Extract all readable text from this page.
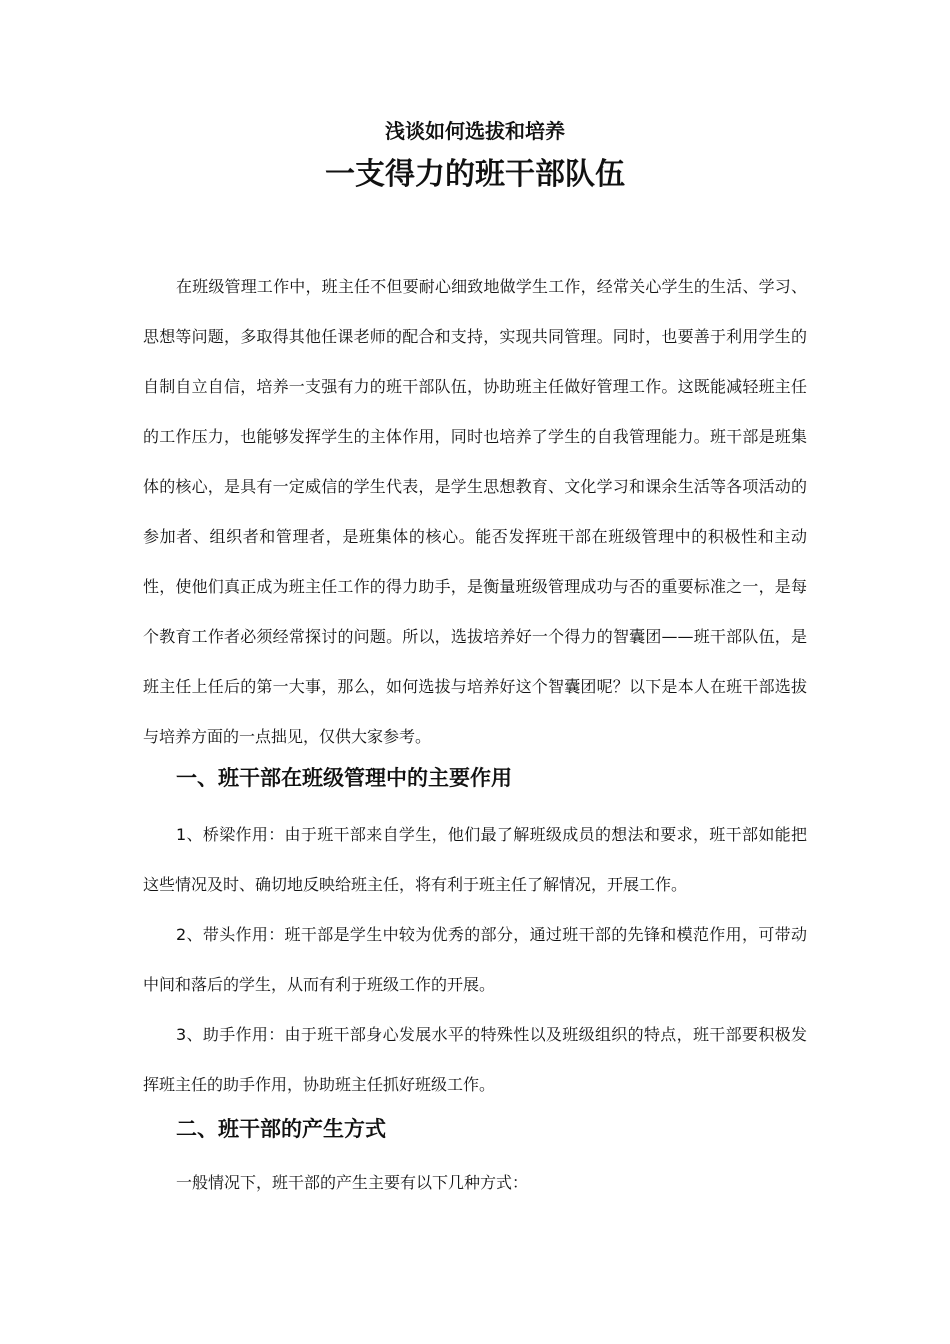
浅谈如何选拔和培养
一支得力的班干部队伍

在班级管理工作中，班主任不但要耐心细致地做学生工作，经常关心学生的生活、学习、思想等问题，多取得其他任课老师的配合和支持，实现共同管理。同时，也要善于利用学生的自制自立自信，培养一支强有力的班干部队伍，协助班主任做好管理工作。这既能减轻班主任的工作压力，也能够发挥学生的主体作用，同时也培养了学生的自我管理能力。班干部是班集体的核心，是具有一定威信的学生代表，是学生思想教育、文化学习和课余生活等各项活动的参加者、组织者和管理者，是班集体的核心。能否发挥班干部在班级管理中的积极性和主动性，使他们真正成为班主任工作的得力助手，是衡量班级管理成功与否的重要标准之一，是每个教育工作者必须经常探讨的问题。所以，选拔培养好一个得力的智囊团——班干部队伍，是班主任上任后的第一大事，那么，如何选拔与培养好这个智囊团呢？以下是本人在班干部选拔与培养方面的一点拙见，仅供大家参考。

一、班干部在班级管理中的主要作用

1、桥梁作用：由于班干部来自学生，他们最了解班级成员的想法和要求，班干部如能把这些情况及时、确切地反映给班主任，将有利于班主任了解情况，开展工作。

2、带头作用：班干部是学生中较为优秀的部分，通过班干部的先锋和模范作用，可带动中间和落后的学生，从而有利于班级工作的开展。

3、助手作用：由于班干部身心发展水平的特殊性以及班级组织的特点，班干部要积极发挥班主任的助手作用，协助班主任抓好班级工作。

二、班干部的产生方式

一般情况下，班干部的产生主要有以下几种方式：
